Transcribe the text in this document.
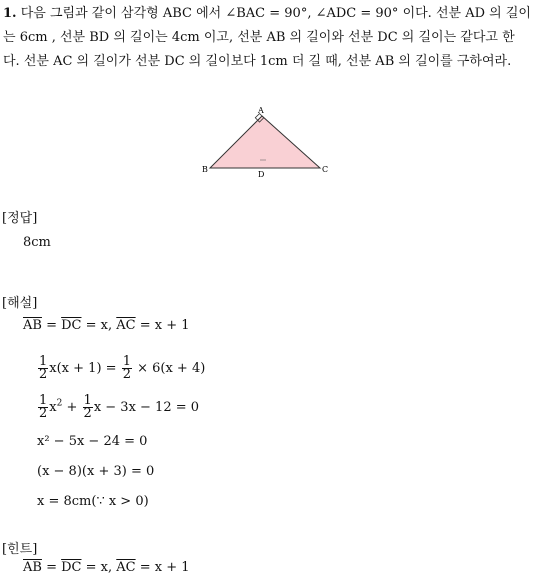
1. 다음 그림과 같이 삼각형 ABC 에서 ∠BAC = 90°, ∠ADC = 90° 이다. 선분 AD 의 길이는 6cm , 선분 BD 의 길이는 4cm 이고, 선분 AB 의 길이와 선분 DC 의 길이는 같다고 한다. 선분 AC 의 길이가 선분 DC 의 길이보다 1cm 더 길 때, 선분 AB 의 길이를 구하여라.
A
B	C
D
[정답]
8cm
[해설]
$\overline{AB} = \overline{DC} = x$, $\overline{AC} = x + 1$
$\frac{1}{2} x(x + 1) = \frac{1}{2} \times 6(x + 4)$
$\frac{1}{2} x^2 + \frac{1}{2}$ x − 3x − 12 = 0
x² − 5x − 24 = 0
(x − 8)(x + 3) = 0
x = 8cm(∵ x > 0)
[힌트]
$\overline{AB} = \overline{DC} = x$, $\overline{AC} = x + 1$
